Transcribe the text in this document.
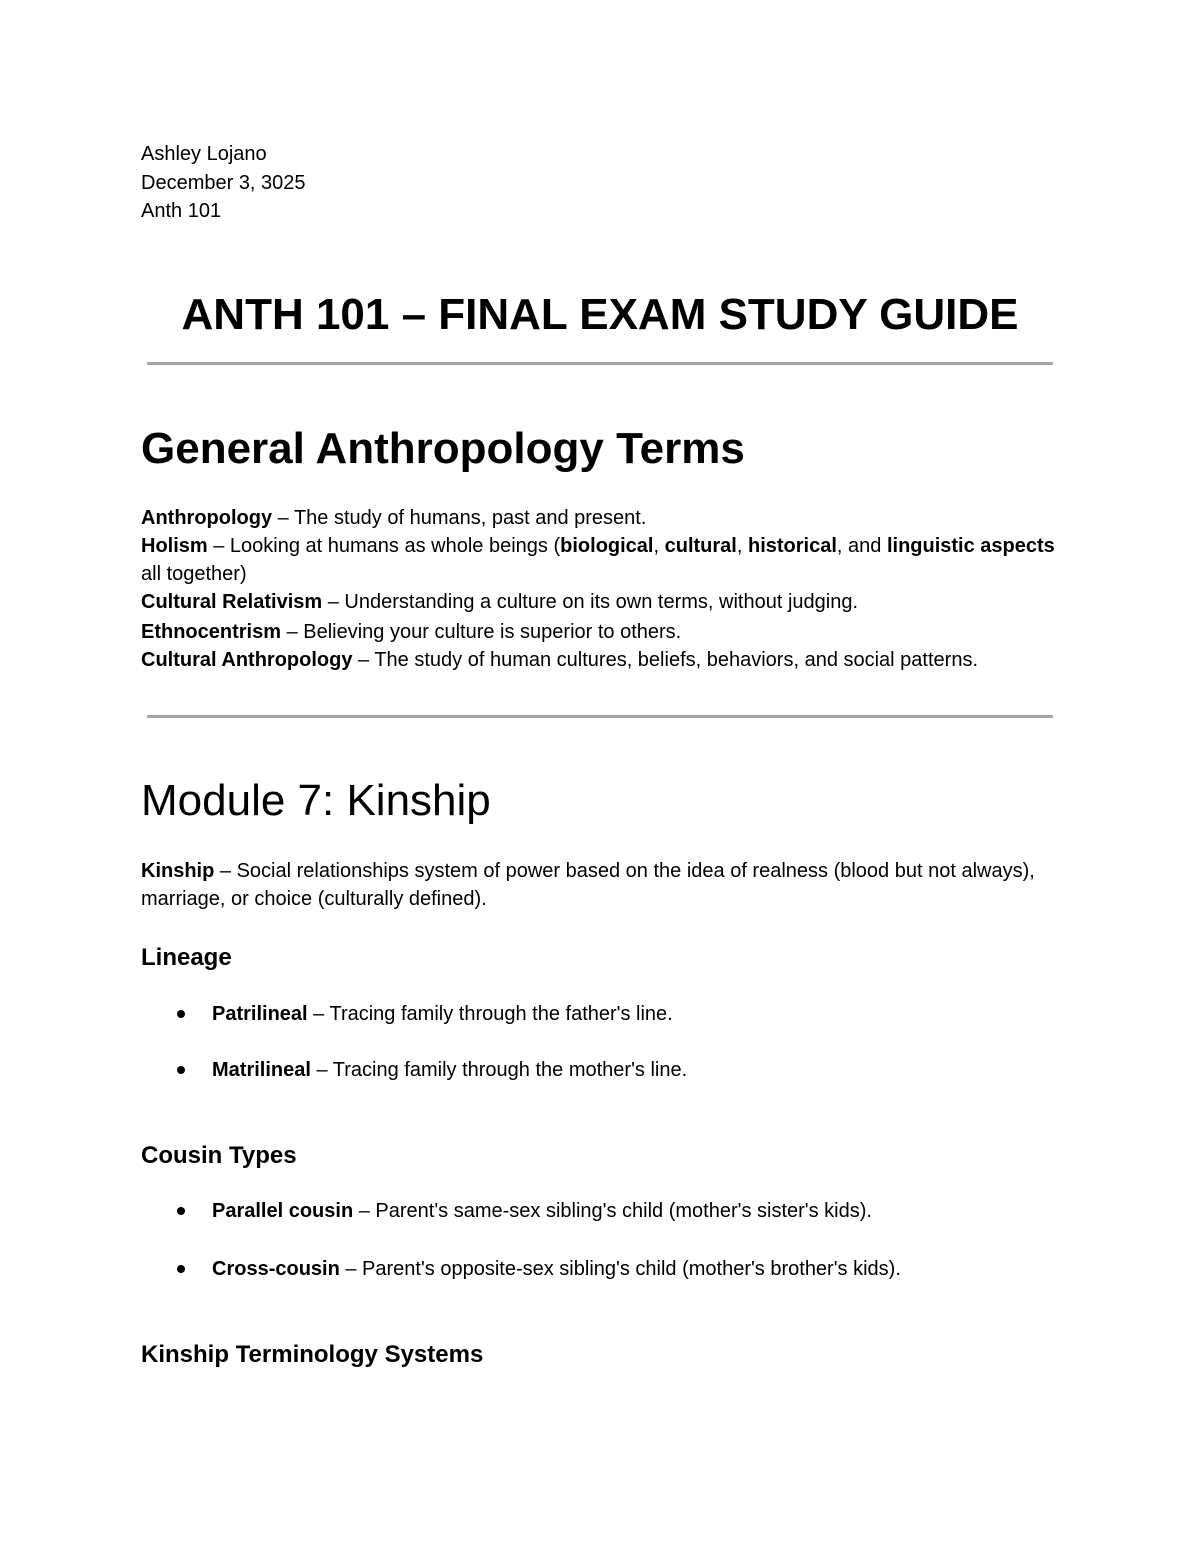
Ashley Lojano
December 3, 3025
Anth 101
ANTH 101 – FINAL EXAM STUDY GUIDE
General Anthropology Terms
Anthropology – The study of humans, past and present.
Holism – Looking at humans as whole beings (biological, cultural, historical, and linguistic aspects all together)
Cultural Relativism – Understanding a culture on its own terms, without judging.
Ethnocentrism – Believing your culture is superior to others.
Cultural Anthropology – The study of human cultures, beliefs, behaviors, and social patterns.
Module 7: Kinship
Kinship – Social relationships system of power based on the idea of realness (blood but not always), marriage, or choice (culturally defined).
Lineage
Patrilineal – Tracing family through the father's line.
Matrilineal – Tracing family through the mother's line.
Cousin Types
Parallel cousin – Parent's same-sex sibling's child (mother's sister's kids).
Cross-cousin – Parent's opposite-sex sibling's child (mother's brother's kids).
Kinship Terminology Systems
